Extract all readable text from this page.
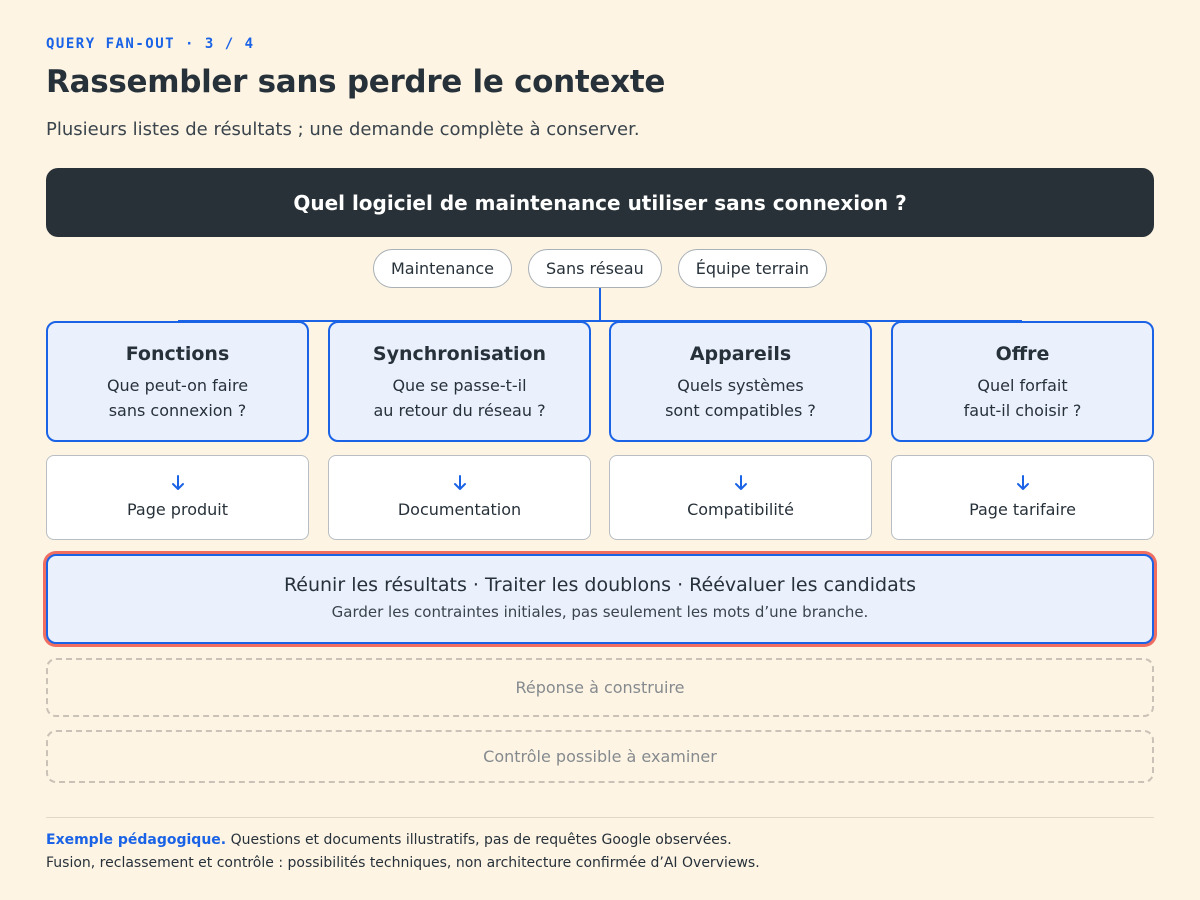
QUERY FAN-OUT · 3 / 4
Rassembler sans perdre le contexte

Plusieurs listes de résultats ; une demande complète à conserver.

Quel logiciel de maintenance utiliser sans connexion ?
Maintenance	Sans réseau	Équipe terrain
Fonctions
Que peut-on faire
sans connexion ?
Page produit
Synchronisation
Que se passe-t-il
au retour du réseau ?
Documentation
Appareils
Quels systèmes
sont compatibles ?
Compatibilité
Offre
Quel forfait
faut-il choisir ?
Page tarifaire
Réunir les résultats · Traiter les doublons · Réévaluer les candidats
Garder les contraintes initiales, pas seulement les mots d’une branche.
Réponse à construire
Contrôle possible à examiner

Exemple pédagogique. Questions et documents illustratifs, pas de requêtes Google observées.

Fusion, reclassement et contrôle : possibilités techniques, non architecture confirmée d’AI Overviews.
